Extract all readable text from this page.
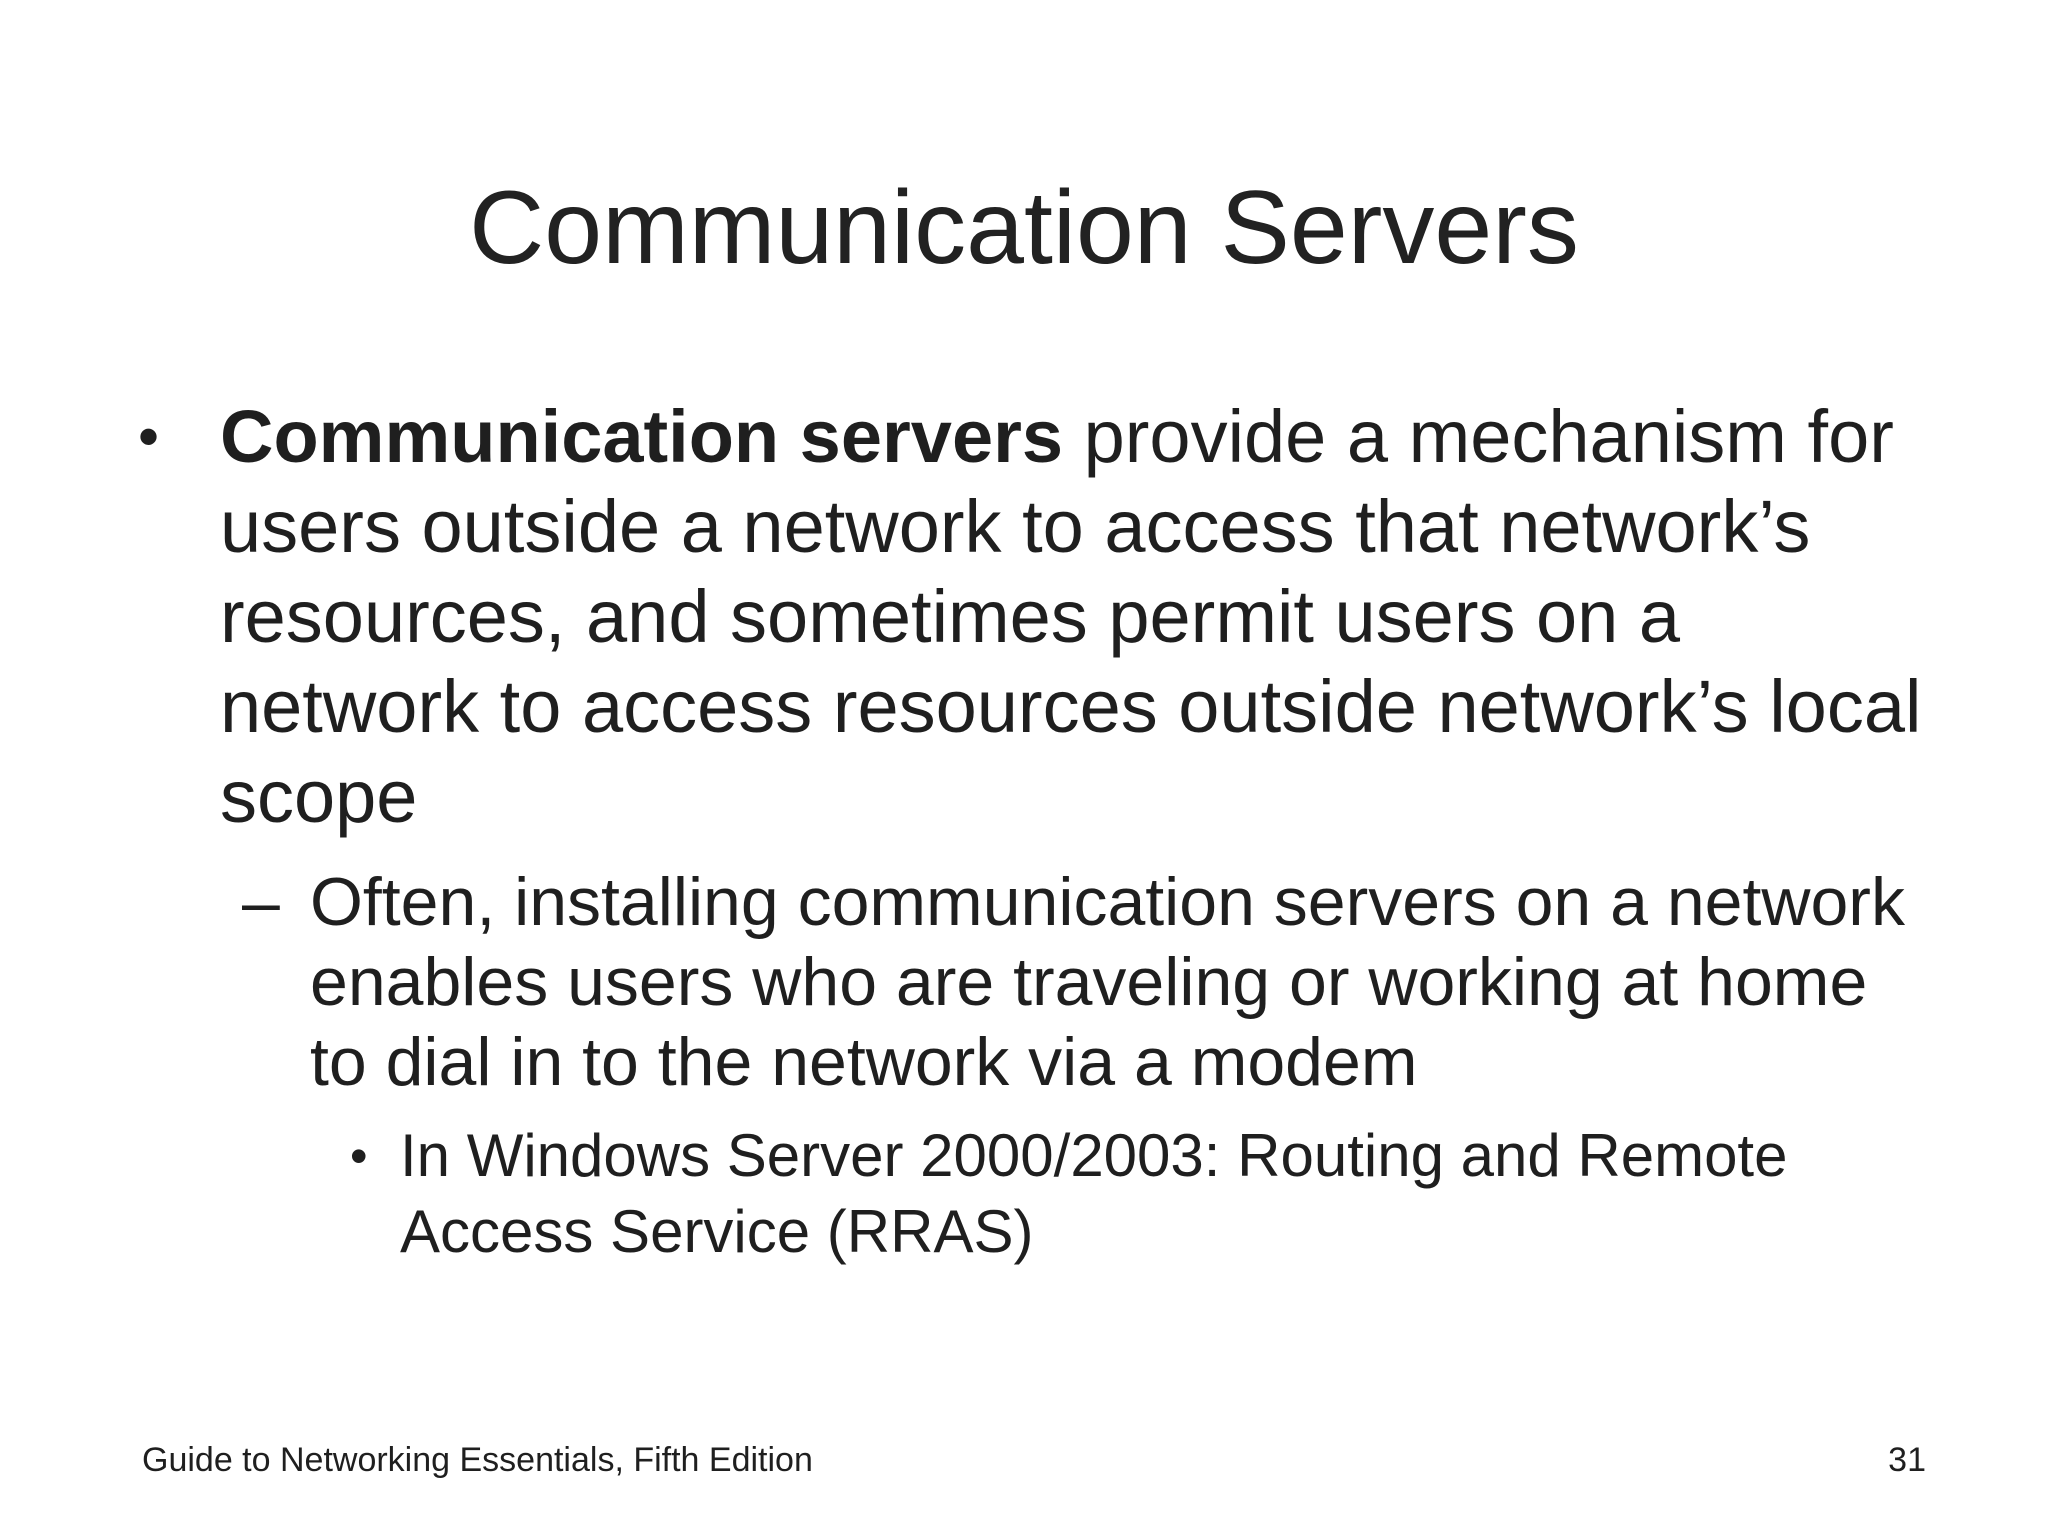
Communication Servers
• Communication servers provide a mechanism for users outside a network to access that network’s resources, and sometimes permit users on a network to access resources outside network’s local scope
– Often, installing communication servers on a network enables users who are traveling or working at home to dial in to the network via a modem
• In Windows Server 2000/2003: Routing and Remote Access Service (RRAS)
Guide to Networking Essentials, Fifth Edition	31
